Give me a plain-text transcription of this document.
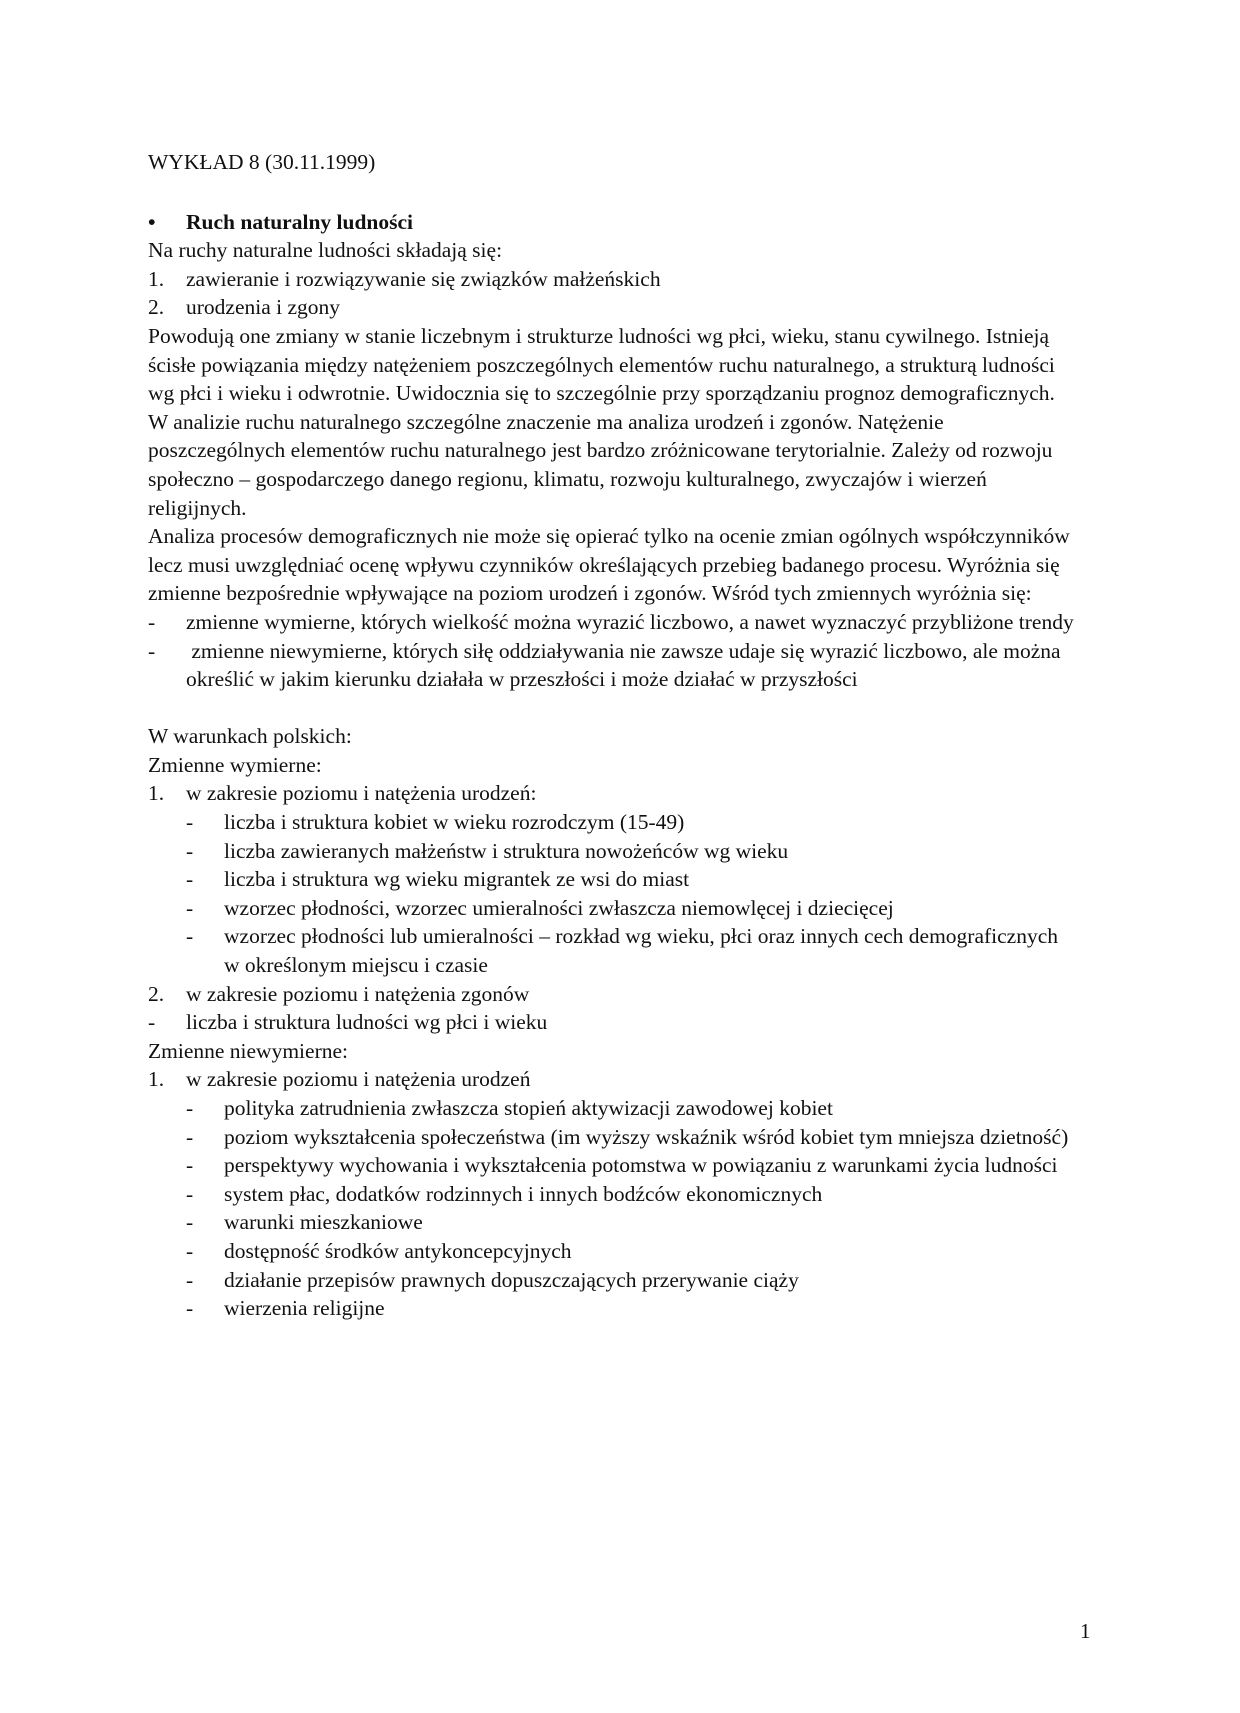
WYKŁAD 8 (30.11.1999)

•	Ruch naturalny ludności

Na ruchy naturalne ludności składają się:

1.	zawieranie i rozwiązywanie się związków małżeńskich
2.	urodzenia i zgony

Powodują one zmiany w stanie liczebnym i strukturze ludności wg płci, wieku, stanu cywilnego. Istnieją ścisłe powiązania między natężeniem poszczególnych elementów ruchu naturalnego, a strukturą ludności wg płci i wieku i odwrotnie. Uwidocznia się to szczególnie przy sporządzaniu prognoz demograficznych.

W analizie ruchu naturalnego szczególne znaczenie ma analiza urodzeń i zgonów. Natężenie poszczególnych elementów ruchu naturalnego jest bardzo zróżnicowane terytorialnie. Zależy od rozwoju społeczno – gospodarczego danego regionu, klimatu, rozwoju kulturalnego, zwyczajów i wierzeń religijnych.

Analiza procesów demograficznych nie może się opierać tylko na ocenie zmian ogólnych współczynników lecz musi uwzględniać ocenę wpływu czynników określających przebieg badanego procesu. Wyróżnia się zmienne bezpośrednie wpływające na poziom urodzeń i zgonów. Wśród tych zmiennych wyróżnia się:

-	zmienne wymierne, których wielkość można wyrazić liczbowo, a nawet wyznaczyć przybliżone trendy
-	zmienne niewymierne, których siłę oddziaływania nie zawsze udaje się wyrazić liczbowo, ale można określić w jakim kierunku działała w przeszłości i może działać w przyszłości

W warunkach polskich:

Zmienne wymierne:

1.	w zakresie poziomu i natężenia urodzeń:
-	liczba i struktura kobiet w wieku rozrodczym (15-49)
-	liczba zawieranych małżeństw i struktura nowożeńców wg wieku
-	liczba i struktura wg wieku migrantek ze wsi do miast
-	wzorzec płodności, wzorzec umieralności zwłaszcza niemowlęcej i dziecięcej
-	wzorzec płodności lub umieralności – rozkład wg wieku, płci oraz innych cech demograficznych w określonym miejscu i czasie
2.	w zakresie poziomu i natężenia zgonów
-	liczba i struktura ludności wg płci i wieku

Zmienne niewymierne:

1.	w zakresie poziomu i natężenia urodzeń
-	polityka zatrudnienia zwłaszcza stopień aktywizacji zawodowej kobiet
-	poziom wykształcenia społeczeństwa (im wyższy wskaźnik wśród kobiet tym mniejsza dzietność)
-	perspektywy wychowania i wykształcenia potomstwa w powiązaniu z warunkami życia ludności
-	system płac, dodatków rodzinnych i innych bodźców ekonomicznych
-	warunki mieszkaniowe
-	dostępność środków antykoncepcyjnych
-	działanie przepisów prawnych dopuszczających przerywanie ciąży
-	wierzenia religijne
1
